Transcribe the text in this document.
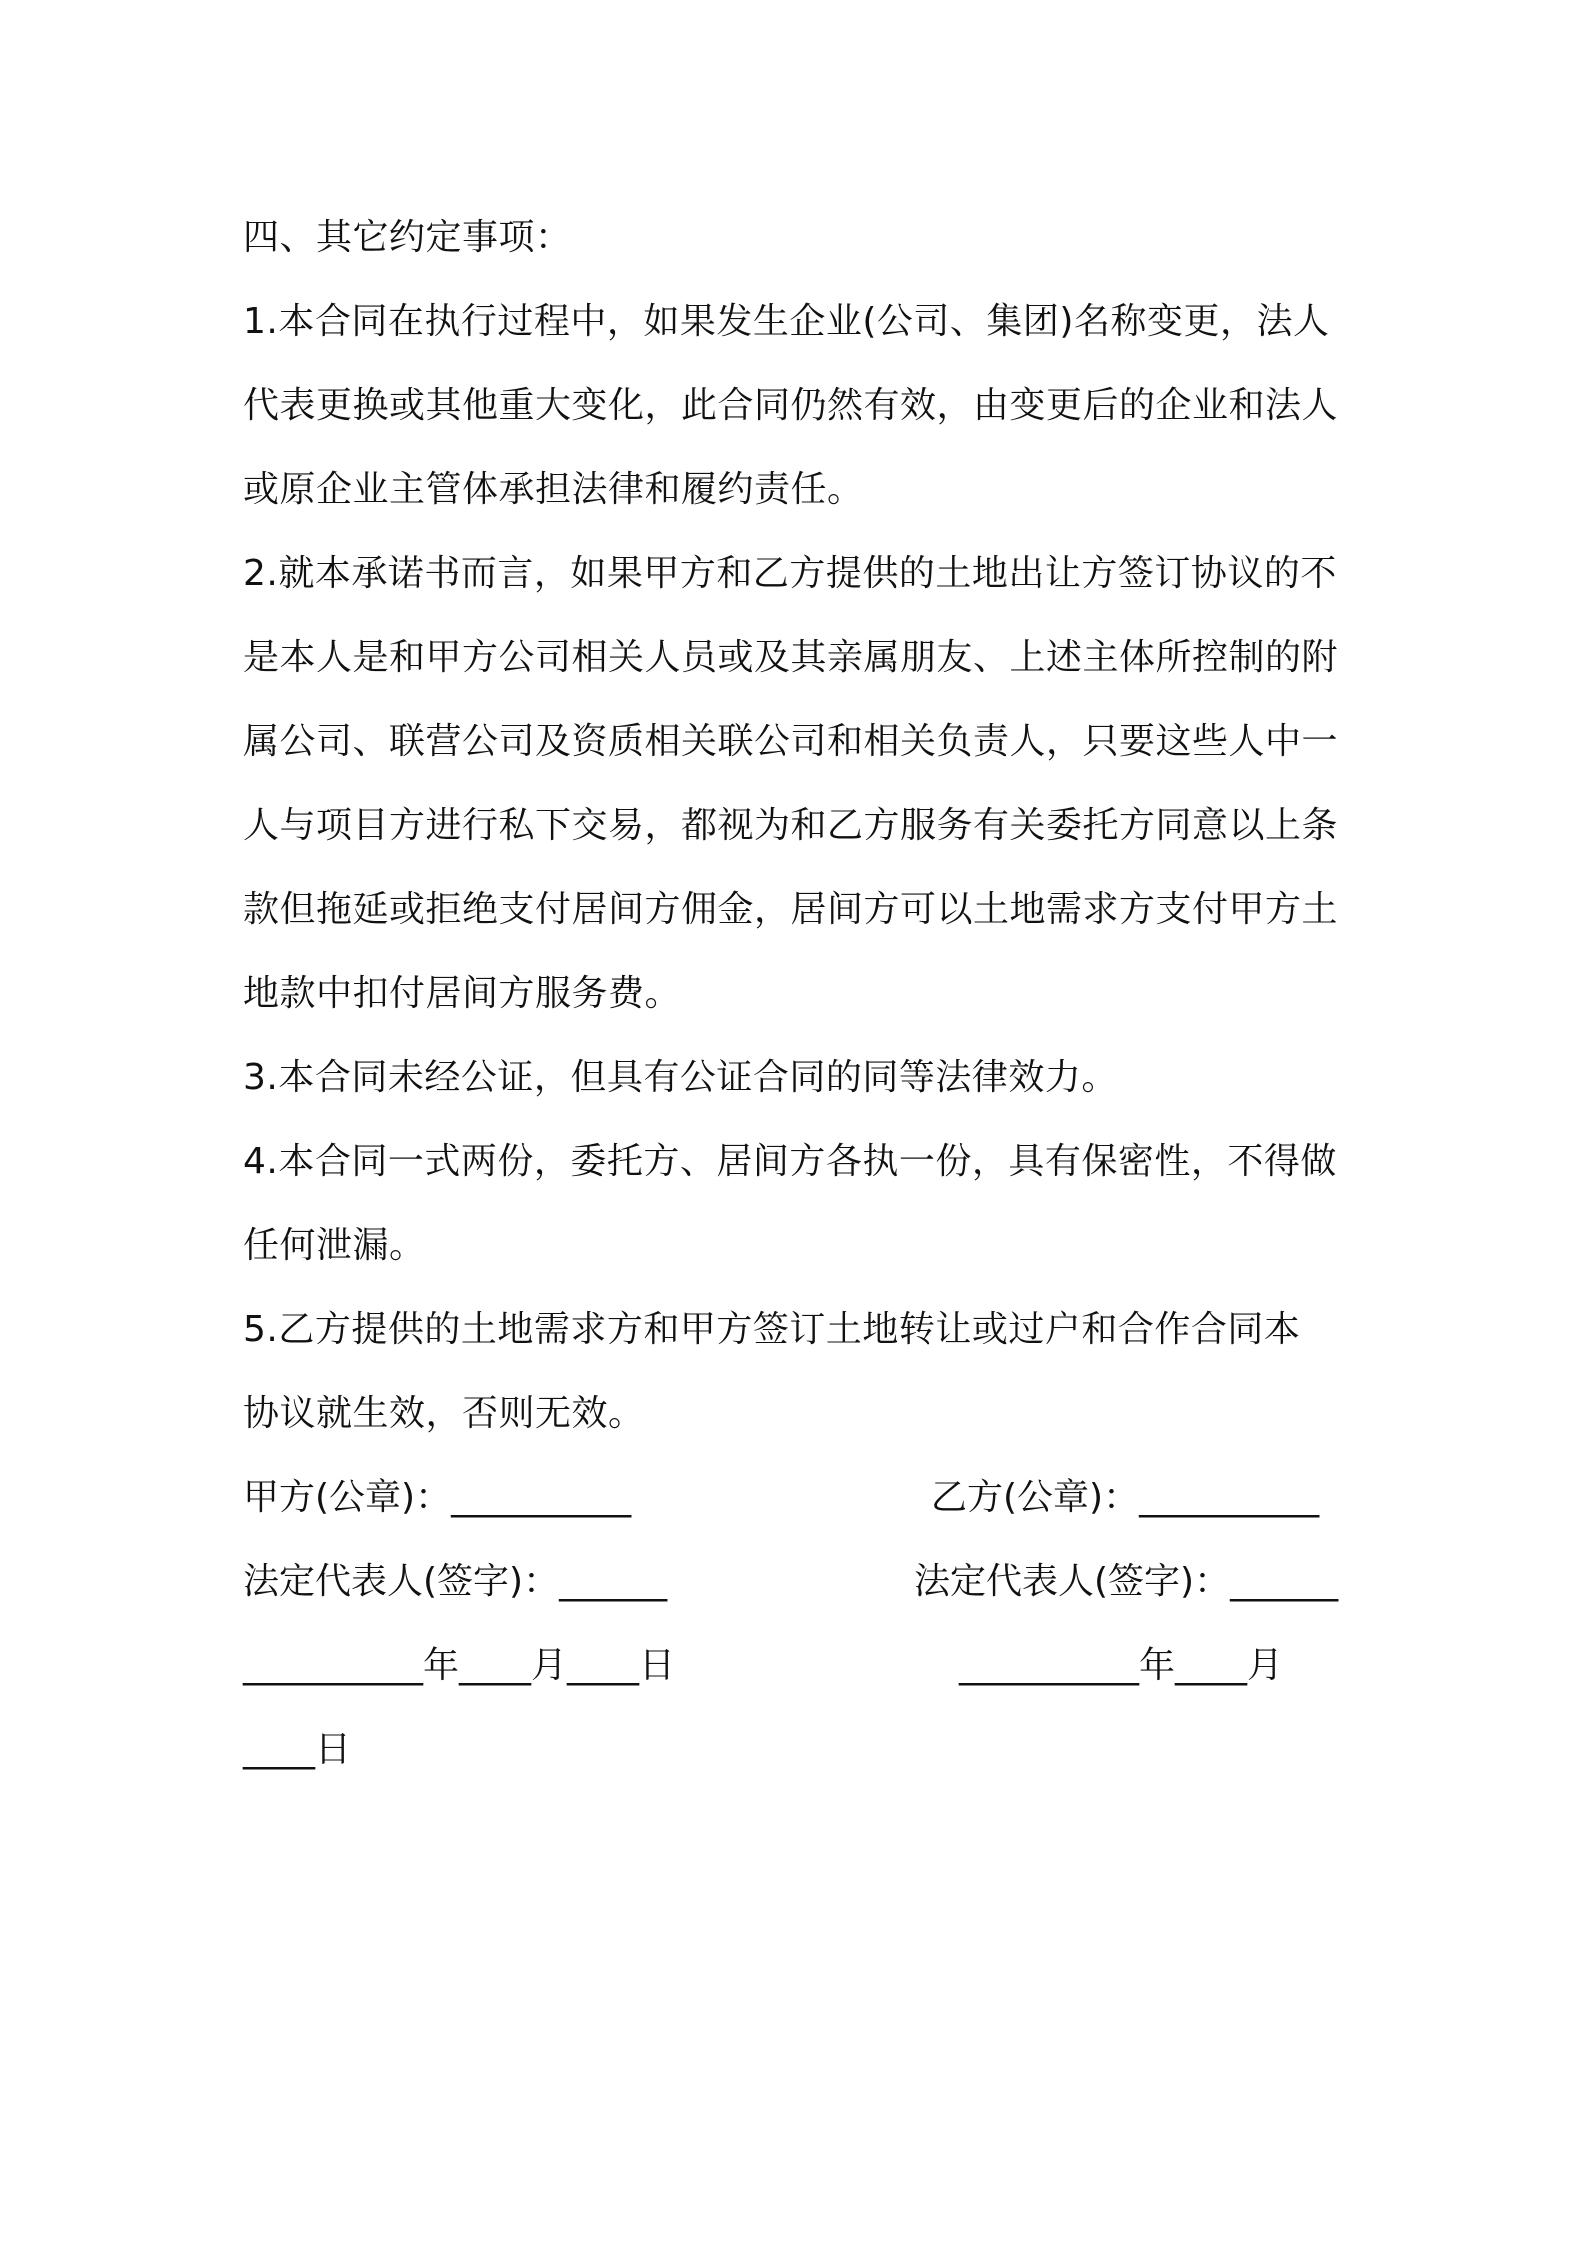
四、其它约定事项：
1.本合同在执行过程中，如果发生企业(公司、集团)名称变更，法人
代表更换或其他重大变化，此合同仍然有效，由变更后的企业和法人
或原企业主管体承担法律和履约责任。
2.就本承诺书而言，如果甲方和乙方提供的土地出让方签订协议的不
是本人是和甲方公司相关人员或及其亲属朋友、上述主体所控制的附
属公司、联营公司及资质相关联公司和相关负责人，只要这些人中一
人与项目方进行私下交易，都视为和乙方服务有关委托方同意以上条
款但拖延或拒绝支付居间方佣金，居间方可以土地需求方支付甲方土
地款中扣付居间方服务费。
3.本合同未经公证，但具有公证合同的同等法律效力。
4.本合同一式两份，委托方、居间方各执一份，具有保密性，不得做
任何泄漏。
5.乙方提供的土地需求方和甲方签订土地转让或过户和合作合同本
协议就生效，否则无效。
甲方(公章)：__________	乙方(公章)：__________
法定代表人(签字)：______	法定代表人(签字)：______
__________年____月____日	__________年____月
____日
